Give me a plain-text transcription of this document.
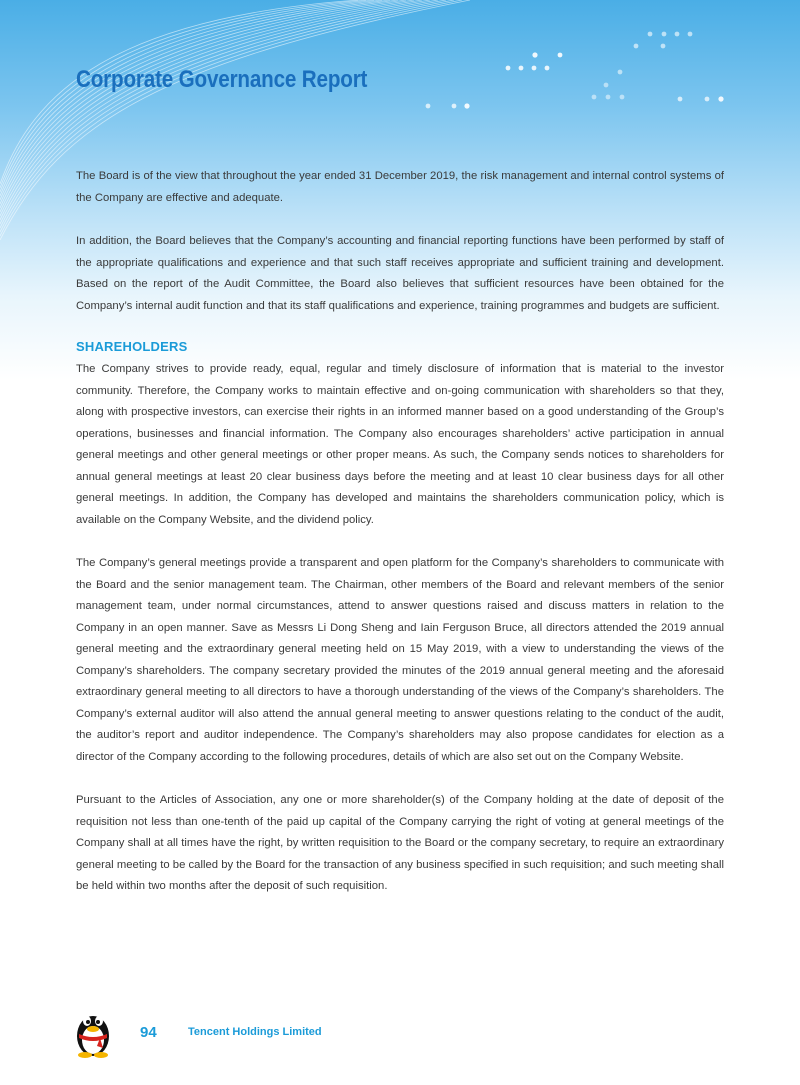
Corporate Governance Report

The Board is of the view that throughout the year ended 31 December 2019, the risk management and internal control systems of the Company are effective and adequate.

In addition, the Board believes that the Company’s accounting and financial reporting functions have been performed by staff of the appropriate qualifications and experience and that such staff receives appropriate and sufficient training and development. Based on the report of the Audit Committee, the Board also believes that sufficient resources have been obtained for the Company’s internal audit function and that its staff qualifications and experience, training programmes and budgets are sufficient.

SHAREHOLDERS

The Company strives to provide ready, equal, regular and timely disclosure of information that is material to the investor community. Therefore, the Company works to maintain effective and on-going communication with shareholders so that they, along with prospective investors, can exercise their rights in an informed manner based on a good understanding of the Group’s operations, businesses and financial information. The Company also encourages shareholders’ active participation in annual general meetings and other general meetings or other proper means. As such, the Company sends notices to shareholders for annual general meetings at least 20 clear business days before the meeting and at least 10 clear business days for all other general meetings. In addition, the Company has developed and maintains the shareholders communication policy, which is available on the Company Website, and the dividend policy.

The Company’s general meetings provide a transparent and open platform for the Company’s shareholders to communicate with the Board and the senior management team. The Chairman, other members of the Board and relevant members of the senior management team, under normal circumstances, attend to answer questions raised and discuss matters in relation to the Company in an open manner. Save as Messrs Li Dong Sheng and Iain Ferguson Bruce, all directors attended the 2019 annual general meeting and the extraordinary general meeting held on 15 May 2019, with a view to understanding the views of the Company’s shareholders. The company secretary provided the minutes of the 2019 annual general meeting and the aforesaid extraordinary general meeting to all directors to have a thorough understanding of the views of the Company’s shareholders. The Company’s external auditor will also attend the annual general meeting to answer questions relating to the conduct of the audit, the auditor’s report and auditor independence. The Company’s shareholders may also propose candidates for election as a director of the Company according to the following procedures, details of which are also set out on the Company Website.

Pursuant to the Articles of Association, any one or more shareholder(s) of the Company holding at the date of deposit of the requisition not less than one-tenth of the paid up capital of the Company carrying the right of voting at general meetings of the Company shall at all times have the right, by written requisition to the Board or the company secretary, to require an extraordinary general meeting to be called by the Board for the transaction of any business specified in such requisition; and such meeting shall be held within two months after the deposit of such requisition.

94	Tencent Holdings Limited
